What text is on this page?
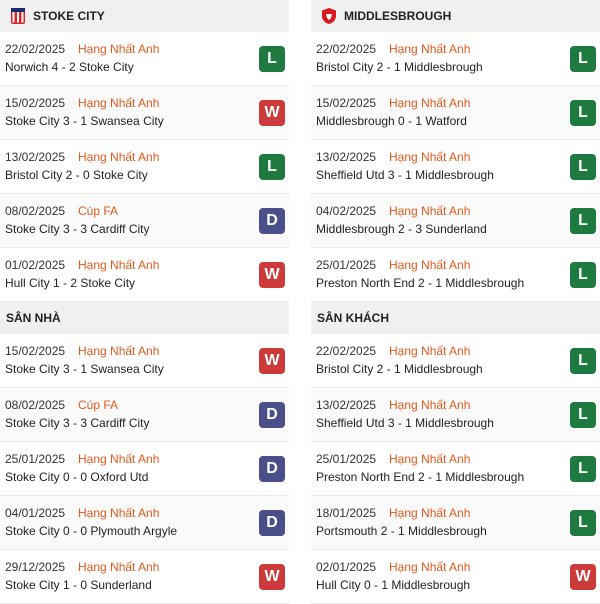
STOKE CITY
22/02/2025 Hạng Nhất Anh
Norwich 4 - 2 Stoke City	L
15/02/2025 Hạng Nhất Anh
Stoke City 3 - 1 Swansea City	W
13/02/2025 Hạng Nhất Anh
Bristol City 2 - 0 Stoke City	L
08/02/2025 Cúp FA
Stoke City 3 - 3 Cardiff City	D
01/02/2025 Hạng Nhất Anh
Hull City 1 - 2 Stoke City	W
MIDDLESBROUGH
22/02/2025 Hạng Nhất Anh
Bristol City 2 - 1 Middlesbrough	L
15/02/2025 Hạng Nhất Anh
Middlesbrough 0 - 1 Watford	L
13/02/2025 Hạng Nhất Anh
Sheffield Utd 3 - 1 Middlesbrough	L
04/02/2025 Hạng Nhất Anh
Middlesbrough 2 - 3 Sunderland	L
25/01/2025 Hạng Nhất Anh
Preston North End 2 - 1 Middlesbrough	L
SÂN NHÀ
15/02/2025 Hạng Nhất Anh
Stoke City 3 - 1 Swansea City	W
08/02/2025 Cúp FA
Stoke City 3 - 3 Cardiff City	D
25/01/2025 Hạng Nhất Anh
Stoke City 0 - 0 Oxford Utd	D
04/01/2025 Hạng Nhất Anh
Stoke City 0 - 0 Plymouth Argyle	D
29/12/2025 Hạng Nhất Anh
Stoke City 1 - 0 Sunderland	W
SÂN KHÁCH
22/02/2025 Hạng Nhất Anh
Bristol City 2 - 1 Middlesbrough	L
13/02/2025 Hạng Nhất Anh
Sheffield Utd 3 - 1 Middlesbrough	L
25/01/2025 Hạng Nhất Anh
Preston North End 2 - 1 Middlesbrough	L
18/01/2025 Hạng Nhất Anh
Portsmouth 2 - 1 Middlesbrough	L
02/01/2025 Hạng Nhất Anh
Hull City 0 - 1 Middlesbrough	W
